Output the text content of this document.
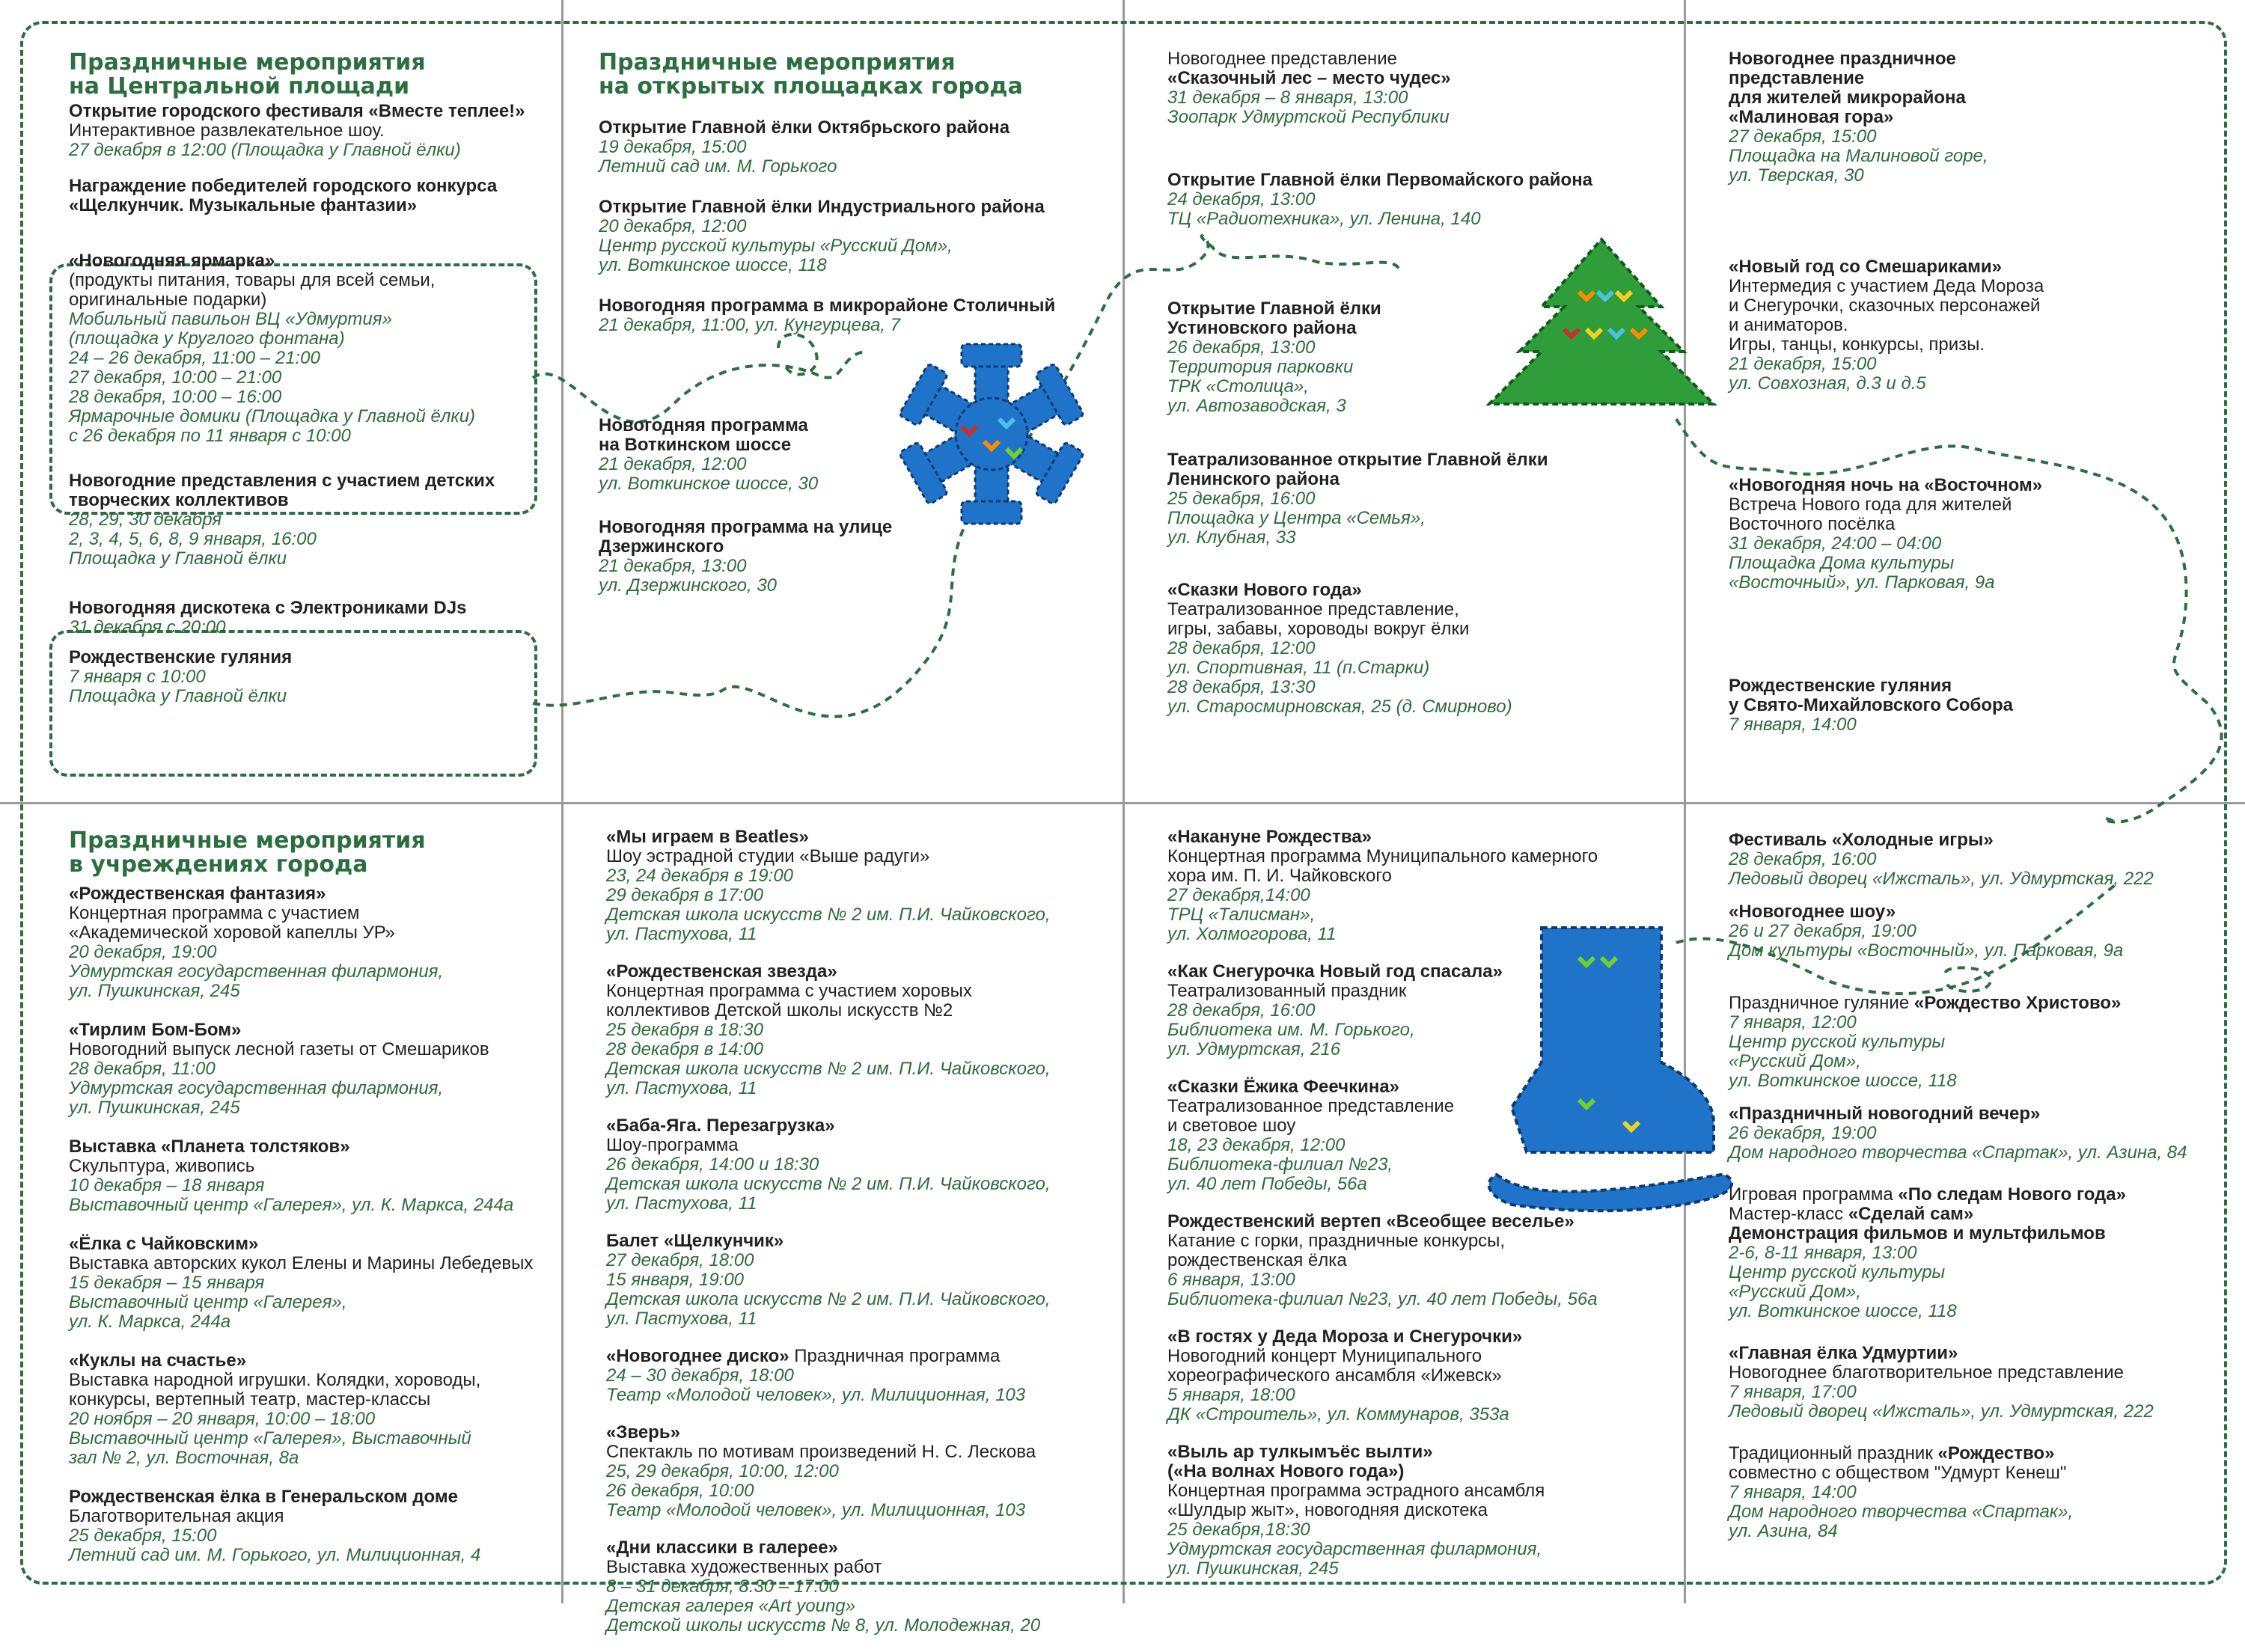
Праздничные мероприятия
на Центральной площади
Открытие городского фестиваля «Вместе теплее!»
Интерактивное развлекательное шоу.
27 декабря в 12:00 (Площадка у Главной ёлки)
Награждение победителей городского конкурса «Щелкунчик. Музыкальные фантазии»
«Новогодняя ярмарка»
(продукты питания, товары для всей семьи,
оригинальные подарки)
Мобильный павильон ВЦ «Удмуртия»
(площадка у Круглого фонтана)
24 – 26 декабря, 11:00 – 21:00
27 декабря, 10:00 – 21:00
28 декабря, 10:00 – 16:00
Ярмарочные домики (Площадка у Главной ёлки)
с 26 декабря по 11 января с 10:00
Новогодние представления с участием детских творческих коллективов
28, 29, 30 декабря
2, 3, 4, 5, 6, 8, 9 января, 16:00
Площадка у Главной ёлки
Новогодняя дискотека с Электрониками DJs
31 декабря с 20:00
Рождественские гуляния
7 января с 10:00
Площадка у Главной ёлки
Праздничные мероприятия
на открытых площадках города
Открытие Главной ёлки Октябрьского района
19 декабря, 15:00
Летний сад им. М. Горького
Открытие Главной ёлки Индустриального района
20 декабря, 12:00
Центр русской культуры «Русский Дом»,
ул. Воткинское шоссе, 118
Новогодняя программа в микрорайоне Столичный
21 декабря, 11:00, ул. Кунгурцева, 7
Новогодняя программа
на Воткинском шоссе
21 декабря, 12:00
ул. Воткинское шоссе, 30
Новогодняя программа на улице
Дзержинского
21 декабря, 13:00
ул. Дзержинского, 30
Новогоднее представление
«Сказочный лес – место чудес»
31 декабря – 8 января, 13:00
Зоопарк Удмуртской Республики
Открытие Главной ёлки Первомайского района
24 декабря, 13:00
ТЦ «Радиотехника», ул. Ленина, 140
Открытие Главной ёлки
Устиновского района
26 декабря, 13:00
Территория парковки
ТРК «Столица»,
ул. Автозаводская, 3
Театрализованное открытие Главной ёлки
Ленинского района
25 декабря, 16:00
Площадка у Центра «Семья»,
ул. Клубная, 33
«Сказки Нового года»
Театрализованное представление,
игры, забавы, хороводы вокруг ёлки
28 декабря, 12:00
ул. Спортивная, 11 (п.Старки)
28 декабря, 13:30
ул. Старосмирновская, 25 (д. Смирново)
Новогоднее праздничное
представление
для жителей микрорайона
«Малиновая гора»
27 декабря, 15:00
Площадка на Малиновой горе,
ул. Тверская, 30
«Новый год со Смешариками»
Интермедия с участием Деда Мороза
и Снегурочки, сказочных персонажей
и аниматоров.
Игры, танцы, конкурсы, призы.
21 декабря, 15:00
ул. Совхозная, д.3 и д.5
«Новогодняя ночь на «Восточном»
Встреча Нового года для жителей
Восточного посёлка
31 декабря, 24:00 – 04:00
Площадка Дома культуры
«Восточный», ул. Парковая, 9а
Рождественские гуляния
у Свято-Михайловского Собора
7 января, 14:00
Праздничные мероприятия
в учреждениях города
«Рождественская фантазия»
Концертная программа с участием
«Академической хоровой капеллы УР»
20 декабря, 19:00
Удмуртская государственная филармония,
ул. Пушкинская, 245
«Тирлим Бом-Бом»
Новогодний выпуск лесной газеты от Смешариков
28 декабря, 11:00
Удмуртская государственная филармония,
ул. Пушкинская, 245
Выставка «Планета толстяков»
Скульптура, живопись
10 декабря – 18 января
Выставочный центр «Галерея», ул. К. Маркса, 244а
«Ёлка с Чайковским»
Выставка авторских кукол Елены и Марины Лебедевых
15 декабря – 15 января
Выставочный центр «Галерея»,
ул. К. Маркса, 244а
«Куклы на счастье»
Выставка народной игрушки. Колядки, хороводы,
конкурсы, вертепный театр, мастер-классы
20 ноября – 20 января, 10:00 – 18:00
Выставочный центр «Галерея», Выставочный
зал № 2, ул. Восточная, 8а
Рождественская ёлка в Генеральском доме
Благотворительная акция
25 декабря, 15:00
Летний сад им. М. Горького, ул. Милиционная, 4
«Мы играем в Beatles»
Шоу эстрадной студии «Выше радуги»
23, 24 декабря в 19:00
29 декабря в 17:00
Детская школа искусств № 2 им. П.И. Чайковского,
ул. Пастухова, 11
«Рождественская звезда»
Концертная программа с участием хоровых
коллективов Детской школы искусств №2
25 декабря в 18:30
28 декабря в 14:00
Детская школа искусств № 2 им. П.И. Чайковского,
ул. Пастухова, 11
«Баба-Яга. Перезагрузка»
Шоу-программа
26 декабря, 14:00 и 18:30
Детская школа искусств № 2 им. П.И. Чайковского,
ул. Пастухова, 11
Балет «Щелкунчик»
27 декабря, 18:00
15 января, 19:00
Детская школа искусств № 2 им. П.И. Чайковского,
ул. Пастухова, 11
«Новогоднее диско» Праздничная программа
24 – 30 декабря, 18:00
Театр «Молодой человек», ул. Милиционная, 103
«Зверь»
Спектакль по мотивам произведений Н. С. Лескова
25, 29 декабря, 10:00, 12:00
26 декабря, 10:00
Театр «Молодой человек», ул. Милиционная, 103
«Дни классики в галерее»
Выставка художественных работ
8 – 31 декабря, 8:30 – 17:00
Детская галерея «Art young»
Детской школы искусств № 8, ул. Молодежная, 20
«Накануне Рождества»
Концертная программа Муниципального камерного
хора им. П. И. Чайковского
27 декабря,14:00
ТРЦ «Талисман»,
ул. Холмогорова, 11
«Как Снегурочка Новый год спасала»
Театрализованный праздник
28 декабря, 16:00
Библиотека им. М. Горького,
ул. Удмуртская, 216
«Сказки Ёжика Феечкина»
Театрализованное представление
и световое шоу
18, 23 декабря, 12:00
Библиотека-филиал №23,
ул. 40 лет Победы, 56а
Рождественский вертеп «Всеобщее веселье»
Катание с горки, праздничные конкурсы,
рождественская ёлка
6 января, 13:00
Библиотека-филиал №23, ул. 40 лет Победы, 56а
«В гостях у Деда Мороза и Снегурочки»
Новогодний концерт Муниципального
хореографического ансамбля «Ижевск»
5 января, 18:00
ДК «Строитель», ул. Коммунаров, 353а
«Выль ар тулкымъёс вылти»
(«На волнах Нового года»)
Концертная программа эстрадного ансамбля
«Шулдыр жыт», новогодняя дискотека
25 декабря,18:30
Удмуртская государственная филармония,
ул. Пушкинская, 245
Фестиваль «Холодные игры»
28 декабря, 16:00
Ледовый дворец «Ижсталь», ул. Удмуртская, 222
«Новогоднее шоу»
26 и 27 декабря, 19:00
Дом культуры «Восточный», ул. Парковая, 9а
Праздничное гуляние «Рождество Христово»
7 января, 12:00
Центр русской культуры
«Русский Дом»,
ул. Воткинское шоссе, 118
«Праздничный новогодний вечер»
26 декабря, 19:00
Дом народного творчества «Спартак», ул. Азина, 84
Игровая программа «По следам Нового года»
Мастер-класс «Сделай сам»
Демонстрация фильмов и мультфильмов
2-6, 8-11 января, 13:00
Центр русской культуры
«Русский Дом»,
ул. Воткинское шоссе, 118
«Главная ёлка Удмуртии»
Новогоднее благотворительное представление
7 января, 17:00
Ледовый дворец «Ижсталь», ул. Удмуртская, 222
Традиционный праздник «Рождество»
совместно с обществом "Удмурт Кенеш"
7 января, 14:00
Дом народного творчества «Спартак»,
ул. Азина, 84
